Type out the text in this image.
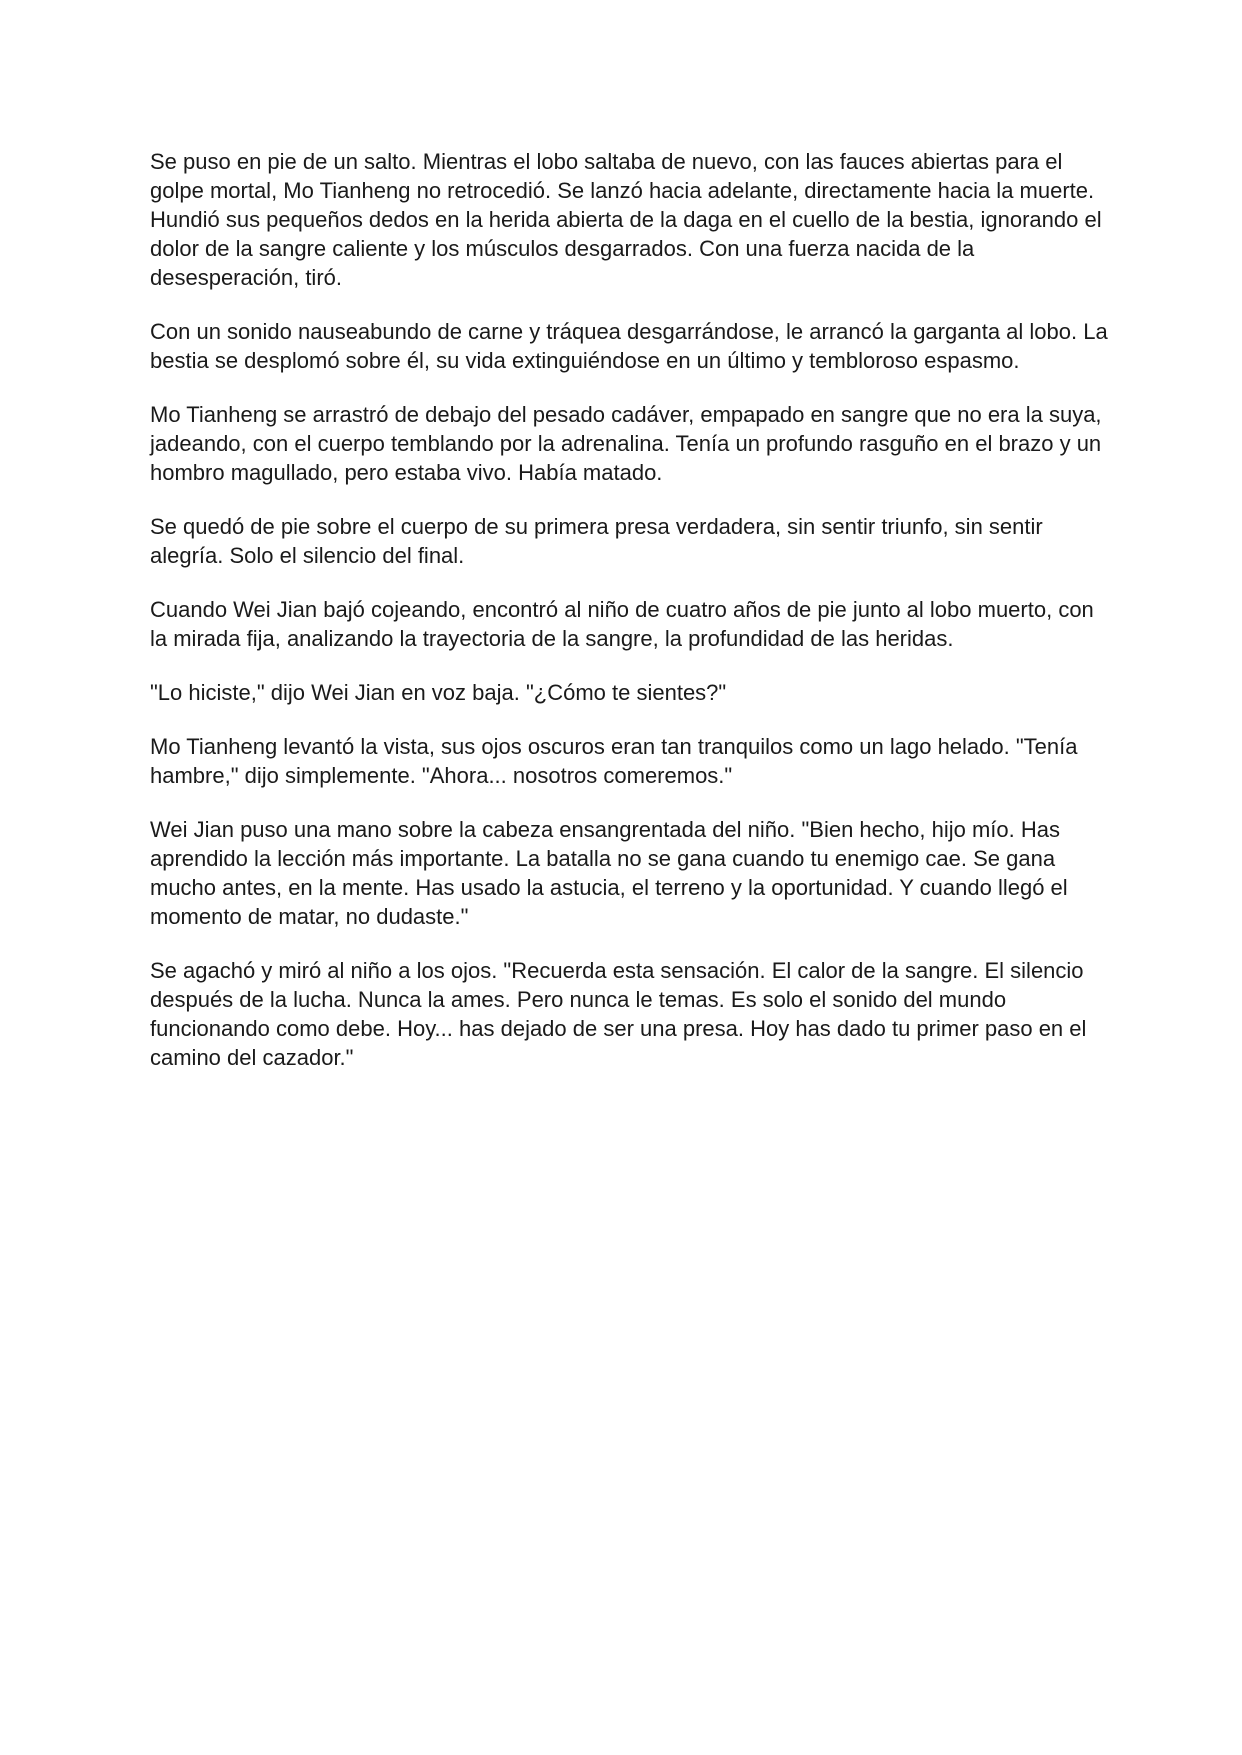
Se puso en pie de un salto. Mientras el lobo saltaba de nuevo, con las fauces abiertas para el golpe mortal, Mo Tianheng no retrocedió. Se lanzó hacia adelante, directamente hacia la muerte. Hundió sus pequeños dedos en la herida abierta de la daga en el cuello de la bestia, ignorando el dolor de la sangre caliente y los músculos desgarrados. Con una fuerza nacida de la desesperación, tiró.

Con un sonido nauseabundo de carne y tráquea desgarrándose, le arrancó la garganta al lobo. La bestia se desplomó sobre él, su vida extinguiéndose en un último y tembloroso espasmo.

Mo Tianheng se arrastró de debajo del pesado cadáver, empapado en sangre que no era la suya, jadeando, con el cuerpo temblando por la adrenalina. Tenía un profundo rasguño en el brazo y un hombro magullado, pero estaba vivo. Había matado.

Se quedó de pie sobre el cuerpo de su primera presa verdadera, sin sentir triunfo, sin sentir alegría. Solo el silencio del final.

Cuando Wei Jian bajó cojeando, encontró al niño de cuatro años de pie junto al lobo muerto, con la mirada fija, analizando la trayectoria de la sangre, la profundidad de las heridas.

"Lo hiciste," dijo Wei Jian en voz baja. "¿Cómo te sientes?"

Mo Tianheng levantó la vista, sus ojos oscuros eran tan tranquilos como un lago helado. "Tenía hambre," dijo simplemente. "Ahora... nosotros comeremos."

Wei Jian puso una mano sobre la cabeza ensangrentada del niño. "Bien hecho, hijo mío. Has aprendido la lección más importante. La batalla no se gana cuando tu enemigo cae. Se gana mucho antes, en la mente. Has usado la astucia, el terreno y la oportunidad. Y cuando llegó el momento de matar, no dudaste."

Se agachó y miró al niño a los ojos. "Recuerda esta sensación. El calor de la sangre. El silencio después de la lucha. Nunca la ames. Pero nunca le temas. Es solo el sonido del mundo funcionando como debe. Hoy... has dejado de ser una presa. Hoy has dado tu primer paso en el camino del cazador."
